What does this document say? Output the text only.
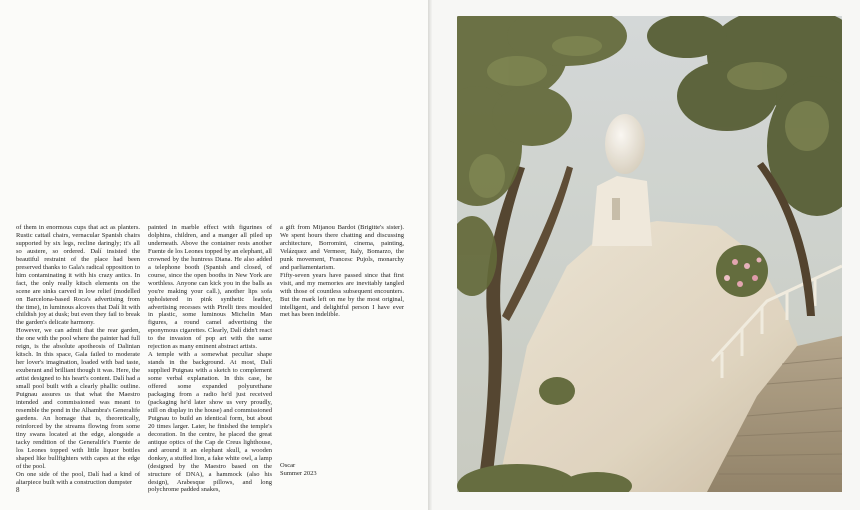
of them in enormous cups that act as planters. Rustic cattail chairs, vernacular Spanish chairs supported by six legs, recline daringly; it's all so austere, so ordered. Dalí insisted the beautiful restraint of the place had been preserved thanks to Gala's radical opposition to him contaminating it with his crazy antics. In fact, the only really kitsch elements on the scene are sinks carved in low relief (modelled on Barcelona-based Roca's advertising from the time), in luminous alcoves that Dalí lit with childish joy at dusk; but even they fail to break the garden's delicate harmony.

However, we can admit that the rear garden, the one with the pool where the painter had full reign, is the absolute apotheosis of Dalinian kitsch. In this space, Gala failed to moderate her lover's imagination, loaded with bad taste, exuberant and brilliant though it was. Here, the artist designed to his heart's content. Dalí had a small pool built with a clearly phallic outline. Puignau assures us that what the Maestro intended and commissioned was meant to resemble the pond in the Alhambra's Generalife gardens. An homage that is, theoretically, reinforced by the streams flowing from some tiny swans located at the edge, alongside a tacky rendition of the Generalife's Fuente de los Leones topped with little liquor bottles shaped like bullfighters with capes at the edge of the pool.

On one side of the pool, Dalí had a kind of altarpiece built with a construction dumpster

painted in marble effect with figurines of dolphins, children, and a manger all piled up underneath. Above the container rests another Fuente de los Leones topped by an elephant, all crowned by the huntress Diana. He also added a telephone booth (Spanish and closed, of course, since the open booths in New York are worthless. Anyone can kick you in the balls as you're making your call.), another lips sofa upholstered in pink synthetic leather, advertising recesses with Pirelli tires moulded in plastic, some luminous Michelin Man figures, a round camel advertising the eponymous cigarettes. Clearly, Dalí didn't react to the invasion of pop art with the same rejection as many eminent abstract artists.

A temple with a somewhat peculiar shape stands in the background. At most, Dalí supplied Puignau with a sketch to complement some verbal explanation. In this case, he offered some expanded polyurethane packaging from a radio he'd just received (packaging he'd later show us very proudly, still on display in the house) and commissioned Puignau to build an identical form, but about 20 times larger. Later, he finished the temple's decoration. In the centre, he placed the great antique optics of the Cap de Creus lighthouse, and around it an elephant skull, a wooden donkey, a stuffed lion, a fake white owl, a lamp (designed by the Maestro based on the structure of DNA), a hammock (also his design), Arabesque pillows, and long polychrome padded snakes,

a gift from Mijanou Bardot (Brigitte's sister). We spent hours there chatting and discussing architecture, Borromini, cinema, painting, Velázquez and Vermeer, Italy, Bomarzo, the punk movement, Francesc Pujols, monarchy and parliamentarism.

Fifty-seven years have passed since that first visit, and my memories are inevitably tangled with those of countless subsequent encounters. But the mark left on me by the most original, intelligent, and delightful person I have ever met has been indelible.

Oscar
Summer 2023
8
